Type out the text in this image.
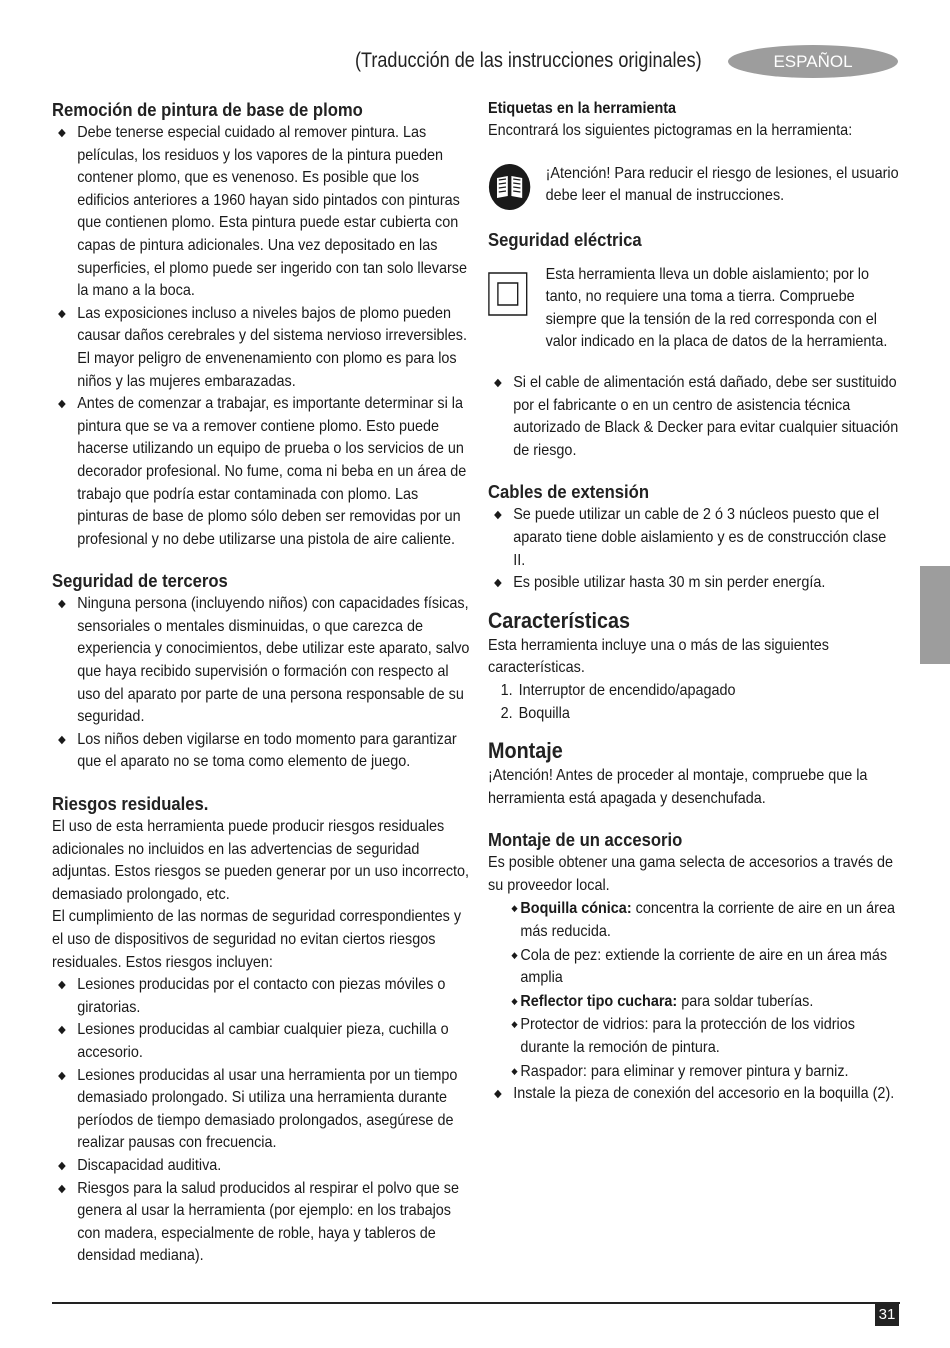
(Traducción de las instrucciones originales)	ESPAÑOL
Remoción de pintura de base de plomo
Debe tenerse especial cuidado al remover pintura. Las películas, los residuos y los vapores de la pintura pueden contener plomo, que es venenoso. Es posible que los edificios anteriores a 1960 hayan sido pintados con pinturas que contienen plomo. Esta pintura puede estar cubierta con capas de pintura adicionales. Una vez depositado en las superficies, el plomo puede ser ingerido con tan solo llevarse la mano a la boca.
Las exposiciones incluso a niveles bajos de plomo pueden causar daños cerebrales y del sistema nervioso irreversibles. El mayor peligro de envenenamiento con plomo es para los niños y las mujeres embarazadas.
Antes de comenzar a trabajar, es importante determinar si la pintura que se va a remover contiene plomo. Esto puede hacerse utilizando un equipo de prueba o los servicios de un decorador profesional. No fume, coma ni beba en un área de trabajo que podría estar contaminada con plomo. Las pinturas de base de plomo sólo deben ser removidas por un profesional y no debe utilizarse una pistola de aire caliente.
Seguridad de terceros
Ninguna persona (incluyendo niños) con capacidades físicas, sensoriales o mentales disminuidas, o que carezca de experiencia y conocimientos, debe utilizar este aparato, salvo que haya recibido supervisión o formación con respecto al uso del aparato por parte de una persona responsable de su seguridad.
Los niños deben vigilarse en todo momento para garantizar que el aparato no se toma como elemento de juego.
Riesgos residuales.

El uso de esta herramienta puede producir riesgos residuales adicionales no incluidos en las advertencias de seguridad adjuntas. Estos riesgos se pueden generar por un uso incorrecto, demasiado prolongado, etc.

El cumplimiento de las normas de seguridad correspondientes y el uso de dispositivos de seguridad no evitan ciertos riesgos residuales. Estos riesgos incluyen:

Lesiones producidas por el contacto con piezas móviles o giratorias.
Lesiones producidas al cambiar cualquier pieza, cuchilla o accesorio.
Lesiones producidas al usar una herramienta por un tiempo demasiado prolongado. Si utiliza una herramienta durante períodos de tiempo demasiado prolongados, asegúrese de realizar pausas con frecuencia.
Discapacidad auditiva.
Riesgos para la salud producidos al respirar el polvo que se genera al usar la herramienta (por ejemplo: en los trabajos con madera, especialmente de roble, haya y tableros de densidad mediana).
Etiquetas en la herramienta

Encontrará los siguientes pictogramas en la herramienta:

¡Atención! Para reducir el riesgo de lesiones, el usuario debe leer el manual de instrucciones.

Seguridad eléctrica

Esta herramienta lleva un doble aislamiento; por lo tanto, no requiere una toma a tierra. Compruebe siempre que la tensión de la red corresponda con el valor indicado en la placa de datos de la herramienta.

Si el cable de alimentación está dañado, debe ser sustituido por el fabricante o en un centro de asistencia técnica autorizado de Black & Decker para evitar cualquier situación de riesgo.
Cables de extensión
Se puede utilizar un cable de 2 ó 3 núcleos puesto que el aparato tiene doble aislamiento y es de construcción clase II.
Es posible utilizar hasta 30 m sin perder energía.
Características

Esta herramienta incluye una o más de las siguientes características.

1. Interruptor de encendido/apagado
2. Boquilla
Montaje

¡Atención! Antes de proceder al montaje, compruebe que la herramienta está apagada y desenchufada.

Montaje de un accesorio

Es posible obtener una gama selecta de accesorios a través de su proveedor local.

◆ Boquilla cónica: concentra la corriente de aire en un área más reducida.
◆ Cola de pez: extiende la corriente de aire en un área más amplia
◆ Reflector tipo cuchara: para soldar tuberías.
◆ Protector de vidrios: para la protección de los vidrios durante la remoción de pintura.
◆ Raspador: para eliminar y remover pintura y barniz.
Instale la pieza de conexión del accesorio en la boquilla (2).
31
